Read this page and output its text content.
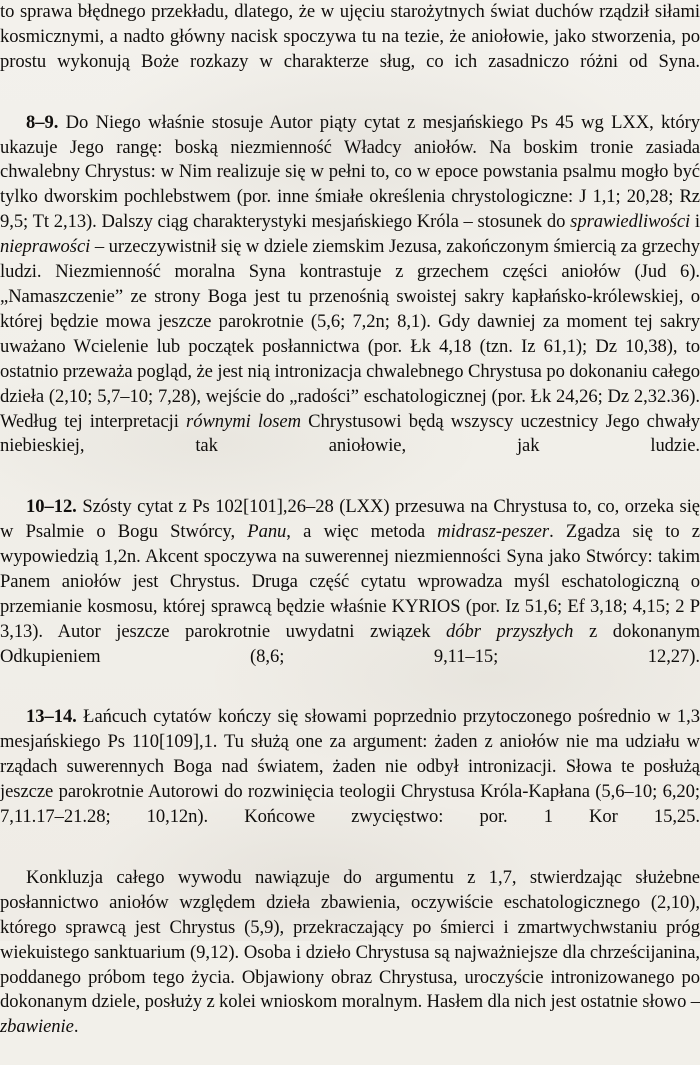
to sprawa błędnego przekładu, dlatego, że w ujęciu starożytnych świat duchów rządził siłami kosmicznymi, a nadto główny nacisk spoczywa tu na tezie, że aniołowie, jako stworzenia, po prostu wykonują Boże rozkazy w charakterze sług, co ich zasadniczo różni od Syna.

8–9. Do Niego właśnie stosuje Autor piąty cytat z mesjańskiego Ps 45 wg LXX, który ukazuje Jego rangę: boską niezmienność Władcy aniołów. Na boskim tronie zasiada chwalebny Chrystus: w Nim realizuje się w pełni to, co w epoce powstania psalmu mogło być tylko dworskim pochlebstwem (por. inne śmiałe określenia chrystologiczne: J 1,1; 20,28; Rz 9,5; Tt 2,13). Dalszy ciąg charakterystyki mesjańskiego Króla – stosunek do sprawiedliwości i nieprawości – urzeczywistnił się w dziele ziemskim Jezusa, zakończonym śmiercią za grzechy ludzi. Niezmienność moralna Syna kontrastuje z grzechem części aniołów (Jud 6). „Namaszczenie” ze strony Boga jest tu przenośnią swoistej sakry kapłańsko-królewskiej, o której będzie mowa jeszcze parokrotnie (5,6; 7,2n; 8,1). Gdy dawniej za moment tej sakry uważano Wcielenie lub początek posłannictwa (por. Łk 4,18 (tzn. Iz 61,1); Dz 10,38), to ostatnio przeważa pogląd, że jest nią intronizacja chwalebnego Chrystusa po dokonaniu całego dzieła (2,10; 5,7–10; 7,28), wejście do „radości” eschatologicznej (por. Łk 24,26; Dz 2,32.36). Według tej interpretacji równymi losem Chrystusowi będą wszyscy uczestnicy Jego chwały niebieskiej, tak aniołowie, jak ludzie.

10–12. Szósty cytat z Ps 102[101],26–28 (LXX) przesuwa na Chrystusa to, co, orzeka się w Psalmie o Bogu Stwórcy, Panu, a więc metoda midrasz-peszer. Zgadza się to z wypowiedzią 1,2n. Akcent spoczywa na suwerennej niezmienności Syna jako Stwórcy: takim Panem aniołów jest Chrystus. Druga część cytatu wprowadza myśl eschatologiczną o przemianie kosmosu, której sprawcą będzie właśnie KYRIOS (por. Iz 51,6; Ef 3,18; 4,15; 2 P 3,13). Autor jeszcze parokrotnie uwydatni związek dóbr przyszłych z dokonanym Odkupieniem (8,6; 9,11–15; 12,27).

13–14. Łańcuch cytatów kończy się słowami poprzednio przytoczonego pośrednio w 1,3 mesjańskiego Ps 110[109],1. Tu służą one za argument: żaden z aniołów nie ma udziału w rządach suwerennych Boga nad światem, żaden nie odbył intronizacji. Słowa te posłużą jeszcze parokrotnie Autorowi do rozwinięcia teologii Chrystusa Króla-Kapłana (5,6–10; 6,20; 7,11.17–21.28; 10,12n). Końcowe zwycięstwo: por. 1 Kor 15,25.

Konkluzja całego wywodu nawiązuje do argumentu z 1,7, stwierdzając służebne posłannictwo aniołów względem dzieła zbawienia, oczywiście eschatologicznego (2,10), którego sprawcą jest Chrystus (5,9), przekraczający po śmierci i zmartwychwstaniu próg wiekuistego sanktuarium (9,12). Osoba i dzieło Chrystusa są najważniejsze dla chrześcijanina, poddanego próbom tego życia. Objawiony obraz Chrystusa, uroczyście intronizowanego po dokonanym dziele, posłuży z kolei wnioskom moralnym. Hasłem dla nich jest ostatnie słowo – zbawienie.
